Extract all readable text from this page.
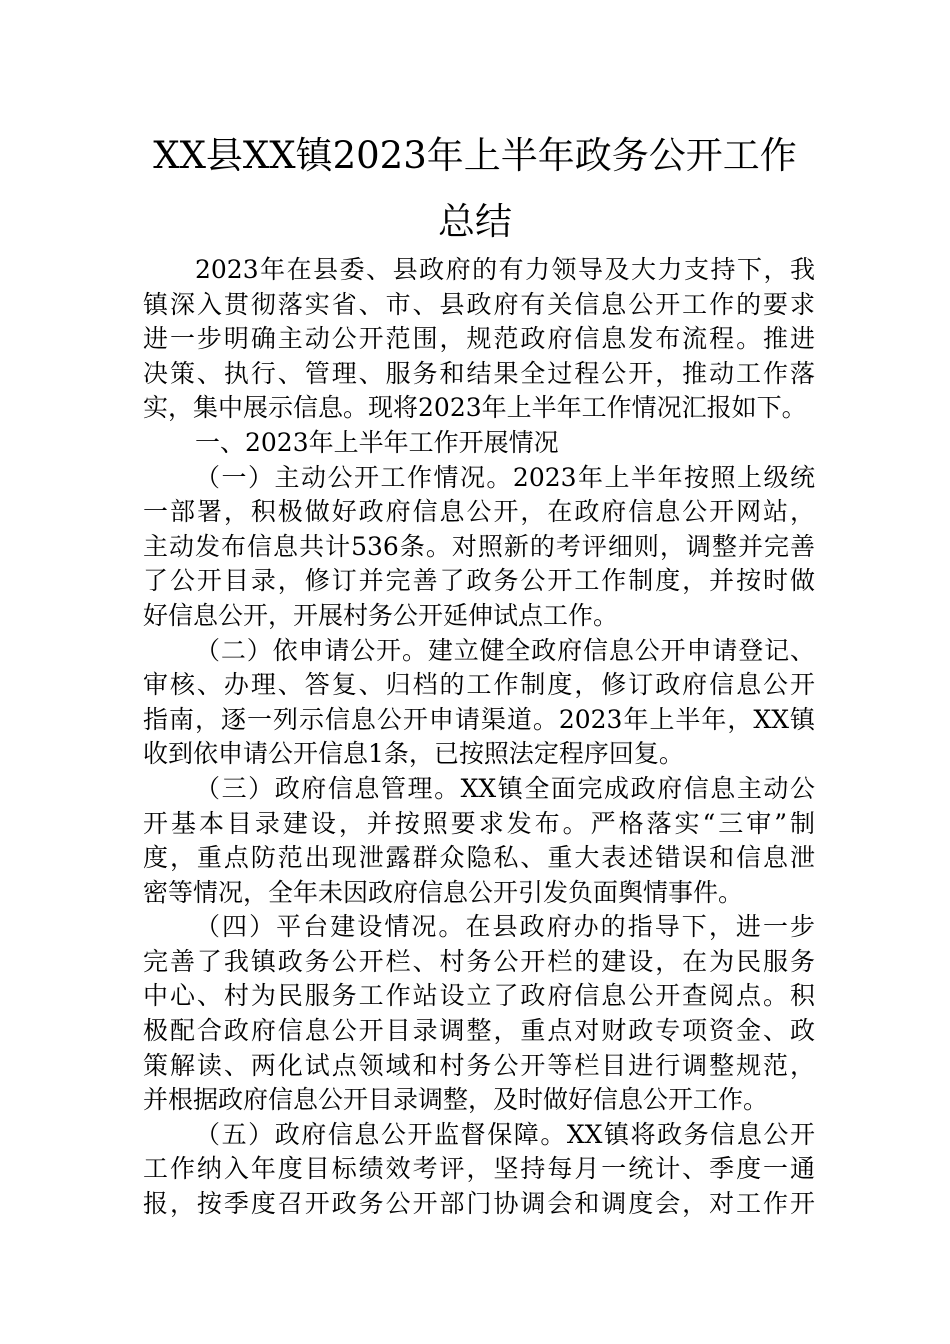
XX县XX镇2023年上半年政务公开工作
总结
2023年在县委、县政府的有力领导及大力支持下，我
镇深入贯彻落实省、市、县政府有关信息公开工作的要求
进一步明确主动公开范围，规范政府信息发布流程。推进
决策、执行、管理、服务和结果全过程公开，推动工作落
实，集中展示信息。现将2023年上半年工作情况汇报如下。
一、2023年上半年工作开展情况
（一）主动公开工作情况。2023年上半年按照上级统
一部署，积极做好政府信息公开，在政府信息公开网站，
主动发布信息共计536条。对照新的考评细则，调整并完善
了公开目录，修订并完善了政务公开工作制度，并按时做
好信息公开，开展村务公开延伸试点工作。
（二）依申请公开。建立健全政府信息公开申请登记、
审核、办理、答复、归档的工作制度，修订政府信息公开
指南，逐一列示信息公开申请渠道。2023年上半年，XX镇
收到依申请公开信息1条，已按照法定程序回复。
（三）政府信息管理。XX镇全面完成政府信息主动公
开基本目录建设，并按照要求发布。严格落实“三审”制
度，重点防范出现泄露群众隐私、重大表述错误和信息泄
密等情况，全年未因政府信息公开引发负面舆情事件。
（四）平台建设情况。在县政府办的指导下，进一步
完善了我镇政务公开栏、村务公开栏的建设，在为民服务
中心、村为民服务工作站设立了政府信息公开查阅点。积
极配合政府信息公开目录调整，重点对财政专项资金、政
策解读、两化试点领域和村务公开等栏目进行调整规范，
并根据政府信息公开目录调整，及时做好信息公开工作。
（五）政府信息公开监督保障。XX镇将政务信息公开
工作纳入年度目标绩效考评，坚持每月一统计、季度一通
报，按季度召开政务公开部门协调会和调度会，对工作开
